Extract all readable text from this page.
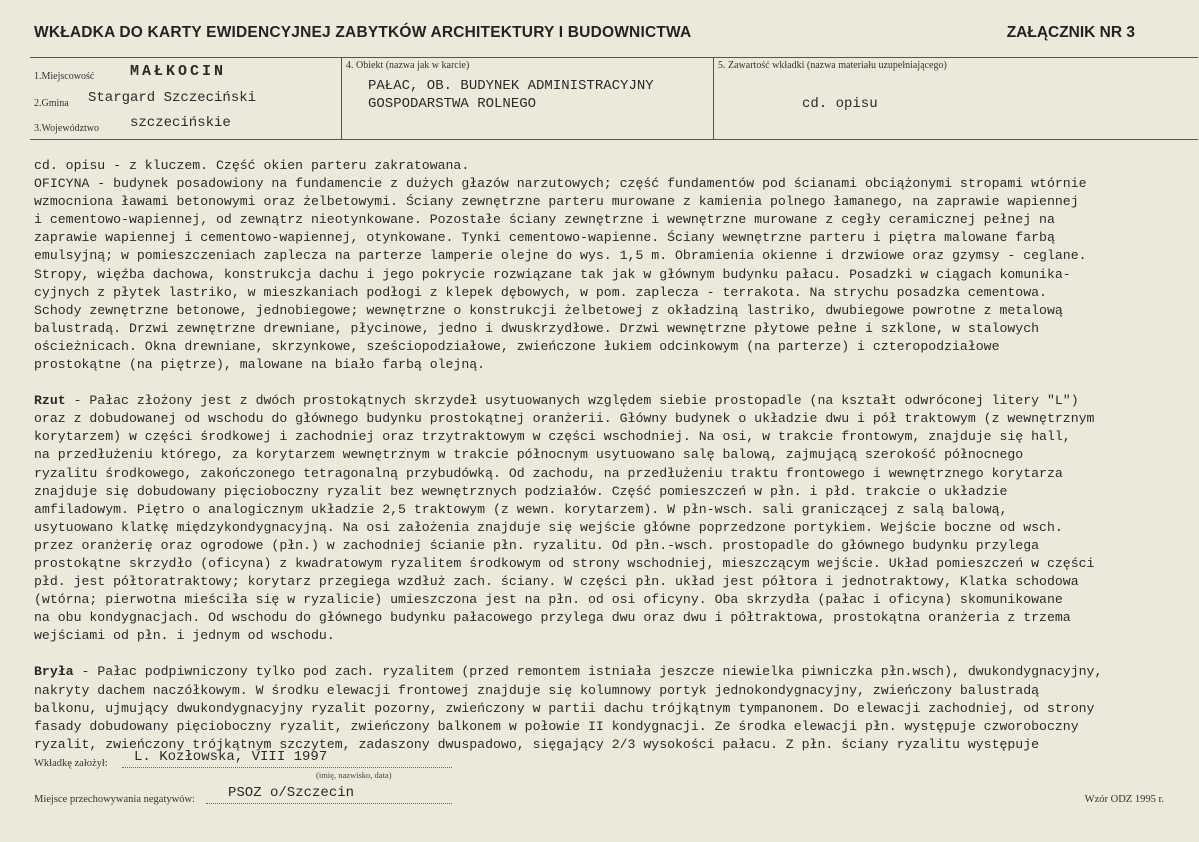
WKŁADKA DO KARTY EWIDENCYJNEJ ZABYTKÓW ARCHITEKTURY I BUDOWNICTWA	ZAŁĄCZNIK NR 3
1.Miejscowość MAŁKOCIN
2.Gmina Stargard Szczeciński
3.Województwo szczecińskie
4. Obiekt (nazwa jak w karcie)
PAŁAC, OB. BUDYNEK ADMINISTRACYJNY
GOSPODARSTWA ROLNEGO
5. Zawartość wkładki (nazwa materiału uzupełniającego)
cd. opisu

cd. opisu - z kluczem. Część okien parteru zakratowana.
OFICYNA - budynek posadowiony na fundamencie z dużych głazów narzutowych; część fundamentów pod ścianami obciążonymi stropami wtórnie
wzmocniona ławami betonowymi oraz żelbetowymi. Ściany zewnętrzne parteru murowane z kamienia polnego łamanego, na zaprawie wapiennej
i cementowo-wapiennej, od zewnątrz nieotynkowane. Pozostałe ściany zewnętrzne i wewnętrzne murowane z cegły ceramicznej pełnej na
zaprawie wapiennej i cementowo-wapiennej, otynkowane. Tynki cementowo-wapienne. Ściany wewnętrzne parteru i piętra malowane farbą
emulsyjną; w pomieszczeniach zaplecza na parterze lamperie olejne do wys. 1,5 m. Obramienia okienne i drzwiowe oraz gzymsy - ceglane.
Stropy, więźba dachowa, konstrukcja dachu i jego pokrycie rozwiązane tak jak w głównym budynku pałacu. Posadzki w ciągach komunika-
cyjnych z płytek lastriko, w mieszkaniach podłogi z klepek dębowych, w pom. zaplecza - terrakota. Na strychu posadzka cementowa.
Schody zewnętrzne betonowe, jednobiegowe; wewnętrzne o konstrukcji żelbetowej z okładziną lastriko, dwubiegowe powrotne z metalową
balustradą. Drzwi zewnętrzne drewniane, płycinowe, jedno i dwuskrzydłowe. Drzwi wewnętrzne płytowe pełne i szklone, w stalowych
ościeżnicach. Okna drewniane, skrzynkowe, sześciopodziałowe, zwieńczone łukiem odcinkowym (na parterze) i czteropodziałowe
prostokątne (na piętrze), malowane na biało farbą olejną.

Rzut - Pałac złożony jest z dwóch prostokątnych skrzydeł usytuowanych względem siebie prostopadle (na kształt odwróconej litery "L")
oraz z dobudowanej od wschodu do głównego budynku prostokątnej oranżerii. Główny budynek o układzie dwu i pół traktowym (z wewnętrznym
korytarzem) w części środkowej i zachodniej oraz trzytraktowym w części wschodniej. Na osi, w trakcie frontowym, znajduje się hall,
na przedłużeniu którego, za korytarzem wewnętrznym w trakcie północnym usytuowano salę balową, zajmującą szerokość północnego
ryzalitu środkowego, zakończonego tetragonalną przybudówką. Od zachodu, na przedłużeniu traktu frontowego i wewnętrznego korytarza
znajduje się dobudowany pięcioboczny ryzalit bez wewnętrznych podziałów. Część pomieszczeń w płn. i płd. trakcie o układzie
amfiladowym. Piętro o analogicznym układzie 2,5 traktowym (z wewn. korytarzem). W płn-wsch. sali graniczącej z salą balową,
usytuowano klatkę międzykondygnacyjną. Na osi założenia znajduje się wejście główne poprzedzone portykiem. Wejście boczne od wsch.
przez oranżerię oraz ogrodowe (płn.) w zachodniej ścianie płn. ryzalitu. Od płn.-wsch. prostopadle do głównego budynku przylega
prostokątne skrzydło (oficyna) z kwadratowym ryzalitem środkowym od strony wschodniej, mieszczącym wejście. Układ pomieszczeń w części
płd. jest półtoratraktowy; korytarz przegiega wzdłuż zach. ściany. W części płn. układ jest półtora i jednotraktowy, Klatka schodowa
(wtórna; pierwotna mieściła się w ryzalicie) umieszczona jest na płn. od osi oficyny. Oba skrzydła (pałac i oficyna) skomunikowane
na obu kondygnacjach. Od wschodu do głównego budynku pałacowego przylega dwu oraz dwu i półtraktowa, prostokątna oranżeria z trzema
wejściami od płn. i jednym od wschodu.

Bryła - Pałac podpiwniczony tylko pod zach. ryzalitem (przed remontem istniała jeszcze niewielka piwniczka płn.wsch), dwukondygnacyjny,
nakryty dachem naczółkowym. W środku elewacji frontowej znajduje się kolumnowy portyk jednokondygnacyjny, zwieńczony balustradą
balkonu, ujmujący dwukondygnacyjny ryzalit pozorny, zwieńczony w partii dachu trójkątnym tympanonem. Do elewacji zachodniej, od strony
fasady dobudowany pięcioboczny ryzalit, zwieńczony balkonem w połowie II kondygnacji. Ze środka elewacji płn. występuje czworoboczny
ryzalit, zwieńczony trójkątnym szczytem, zadaszony dwuspadowo, sięgający 2/3 wysokości pałacu. Z płn. ściany ryzalitu występuje

Wkładkę założył: L. Kozłowska, VIII 1997
(imię, nazwisko, data)
Miejsce przechowywania negatywów: PSOZ o/Szczecin	Wzór ODZ 1995 r.
